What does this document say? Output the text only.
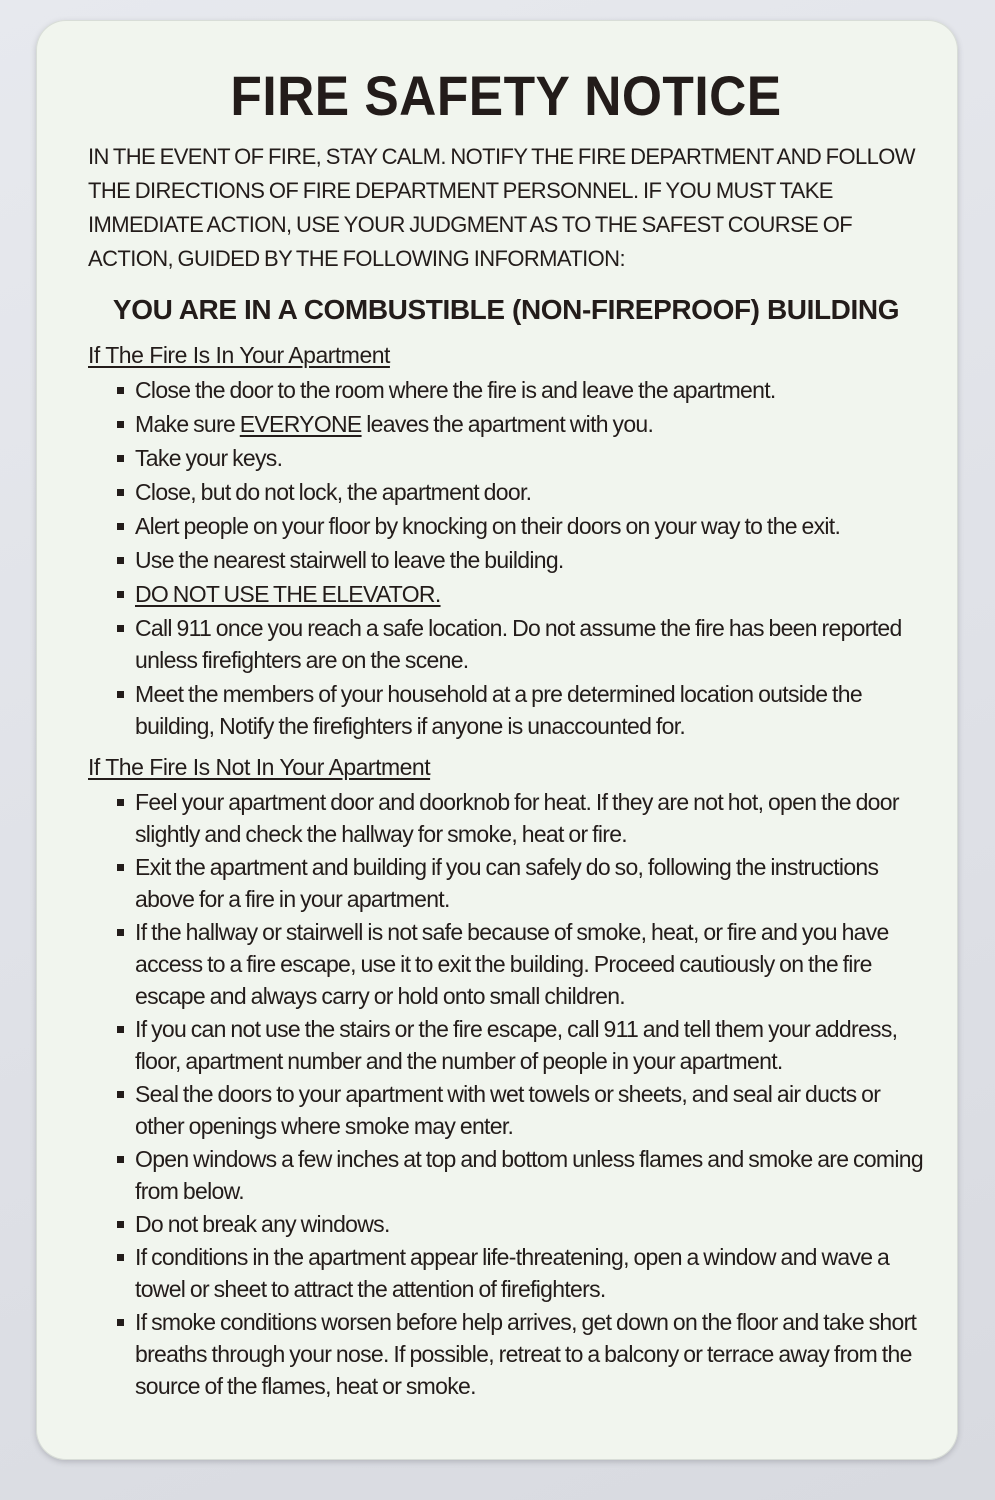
FIRE SAFETY NOTICE

IN THE EVENT OF FIRE, STAY CALM. NOTIFY THE FIRE DEPARTMENT AND FOLLOW THE DIRECTIONS OF FIRE DEPARTMENT PERSONNEL. IF YOU MUST TAKE IMMEDIATE ACTION, USE YOUR JUDGMENT AS TO THE SAFEST COURSE OF ACTION, GUIDED BY THE FOLLOWING INFORMATION:

YOU ARE IN A COMBUSTIBLE (NON-FIREPROOF) BUILDING
If The Fire Is In Your Apartment
Close the door to the room where the fire is and leave the apartment.
Make sure EVERYONE leaves the apartment with you.
Take your keys.
Close, but do not lock, the apartment door.
Alert people on your floor by knocking on their doors on your way to the exit.
Use the nearest stairwell to leave the building.
DO NOT USE THE ELEVATOR.
Call 911 once you reach a safe location. Do not assume the fire has been reported unless firefighters are on the scene.
Meet the members of your household at a pre determined location outside the building, Notify the firefighters if anyone is unaccounted for.
If The Fire Is Not In Your Apartment
Feel your apartment door and doorknob for heat. If they are not hot, open the door slightly and check the hallway for smoke, heat or fire.
Exit the apartment and building if you can safely do so, following the instructions above for a fire in your apartment.
If the hallway or stairwell is not safe because of smoke, heat, or fire and you have access to a fire escape, use it to exit the building. Proceed cautiously on the fire escape and always carry or hold onto small children.
If you can not use the stairs or the fire escape, call 911 and tell them your address, floor, apartment number and the number of people in your apartment.
Seal the doors to your apartment with wet towels or sheets, and seal air ducts or other openings where smoke may enter.
Open windows a few inches at top and bottom unless flames and smoke are coming from below.
Do not break any windows.
If conditions in the apartment appear life-threatening, open a window and wave a towel or sheet to attract the attention of firefighters.
If smoke conditions worsen before help arrives, get down on the floor and take short breaths through your nose. If possible, retreat to a balcony or terrace away from the source of the flames, heat or smoke.
